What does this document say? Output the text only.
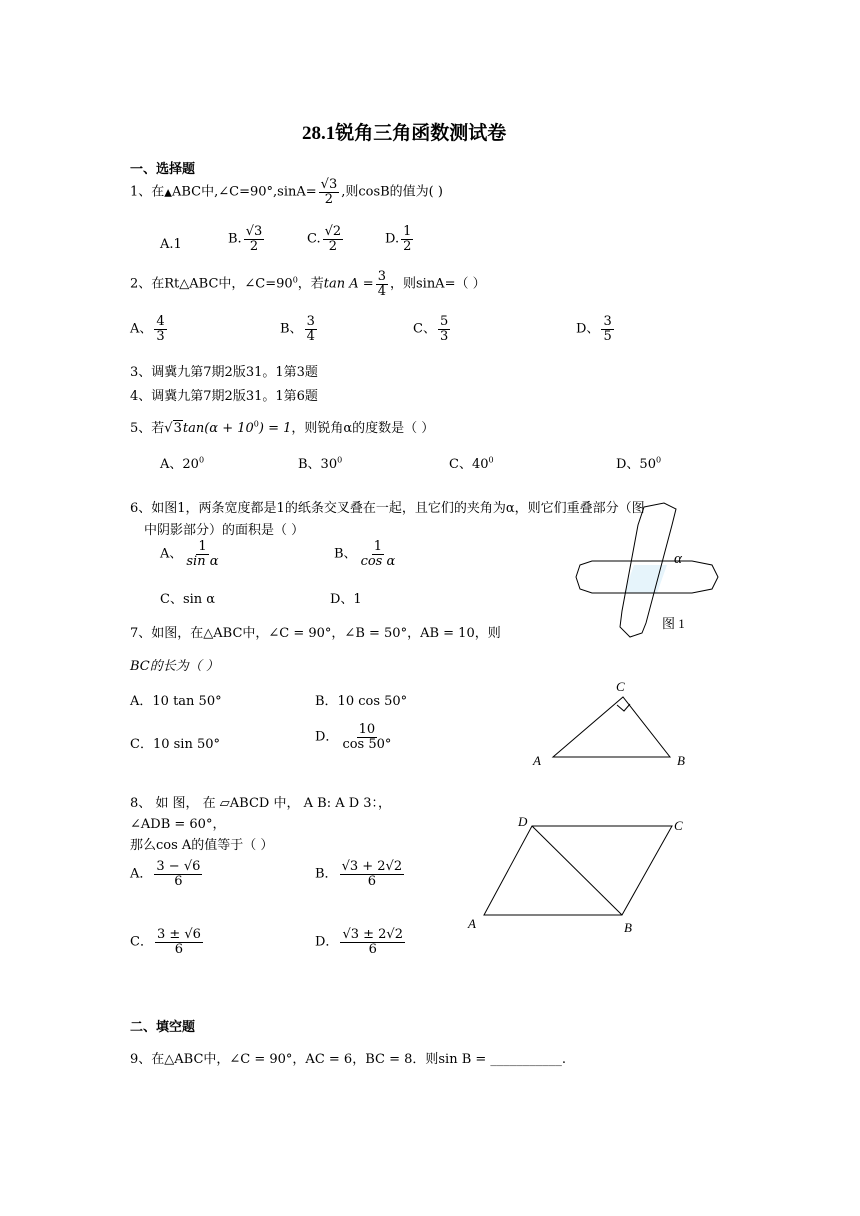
28.1锐角三角函数测试卷
一、选择题
1、在▲ABC中,∠C=90°,sinA= $\frac{√3}{2}$ ,则cosB的值为( )
A.1	B. $\frac{√3}{2}$	C. $\frac{√2}{2}$	D. $\frac{1}{2}$
2、在Rt△ABC中，$\angle C=90^0$，若$\tan A = \frac{3}{4}$ ，则sinA=（ ）
A、 $\frac{4}{3}$	B、 $\frac{3}{4}$	C、 $\frac{5}{3}$	D、 $\frac{3}{5}$
3、调冀九第7期2版31。1第3题
4、调冀九第7期2版31。1第6题
5、若$√3\tan(\alpha + 10^0) = 1$，则锐角α的度数是（ ）
A、$20^0$	B、$30^0$	C、$40^0$	D、$50^0$
6、如图1，两条宽度都是1的纸条交叉叠在一起，且它们的夹角为α，则它们重叠部分（图
中阴影部分）的面积是（ ）
A、 $\frac{1}{\text{sin α}}$	B、 $\frac{1}{\text{cos α}}$
C、sin α	D、1
α
图 1
7、如图，在△ABC中，∠C = 90°，∠B = 50°，AB = 10，则
BC的长为（ ）
A．10 tan 50°	B．10 cos 50°
C．10 sin 50°	D． $\frac{10}{\cos 50^\circ}$
C
A	B
8、 如 图， 在 ▱ABCD 中， A B: A D 3：，
∠ADB = 60°，
那么cos A的值等于（ ）
A． $\frac{3 - √6}{6}$	B． $\frac{√3 + 2√2}{6}$
C． $\frac{3 \pm √6}{6}$	D． $\frac{√3 \pm 2√2}{6}$
D	C
A	B
二、填空题
9、在△ABC中，∠C = 90°，AC = 6，BC = 8．则sin B = ___________.
